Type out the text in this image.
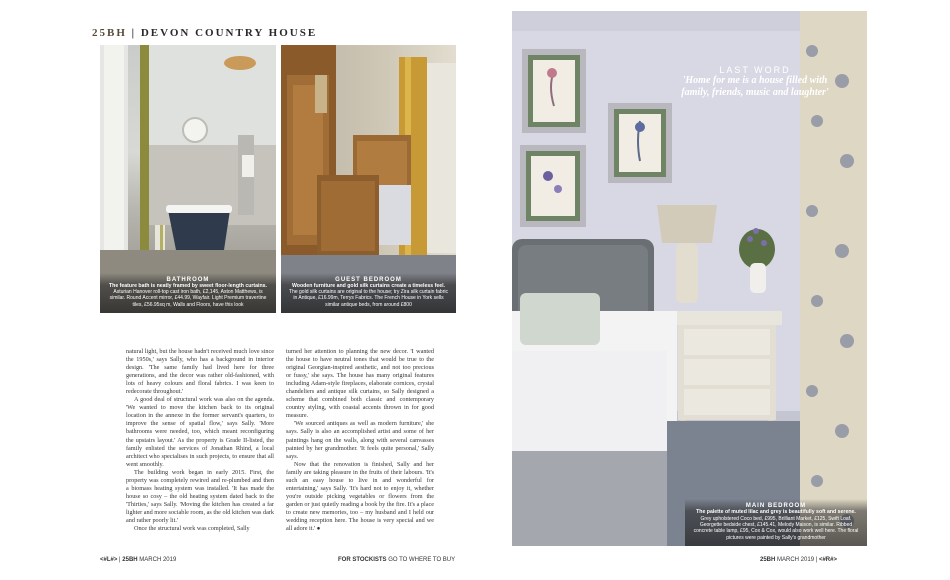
25BH | DEVON COUNTRY HOUSE
BATHROOM
The feature bath is neatly framed by sweet floor-length curtains.
Asturian Hanover roll-top cast iron bath, £2,145, Aston Matthews, is similar. Round Accent mirror, £44.99, Wayfair. Light Premium travertine tiles, £56.95sq m, Walls and Floors, have this look
GUEST BEDROOM
Wooden furniture and gold silk curtains create a timeless feel.
The gold silk curtains are original to the house; try Zira silk curtain fabric in Antique, £16.99m, Terrys Fabrics. The French House in York sells similar antique beds, from around £800

natural light, but the house hadn't received much love since the 1950s,' says Sally, who has a background in interior design. 'The same family had lived here for three generations, and the decor was rather old-fashioned, with lots of heavy colours and floral fabrics. I was keen to redecorate throughout.'

A good deal of structural work was also on the agenda. 'We wanted to move the kitchen back to its original location in the annexe in the former servant's quarters, to improve the sense of spatial flow,' says Sally. 'More bathrooms were needed, too, which meant reconfiguring the upstairs layout.' As the property is Grade II-listed, the family enlisted the services of Jonathan Rhind, a local architect who specialises in such projects, to ensure that all went smoothly.

The building work began in early 2015. First, the property was completely rewired and re-plumbed and then a biomass heating system was installed. 'It has made the house so cosy – the old heating system dated back to the 'Thirties,' says Sally. 'Moving the kitchen has created a far lighter and more sociable room, as the old kitchen was dark and rather poorly lit.'

Once the structural work was completed, Sally

turned her attention to planning the new decor. 'I wanted the house to have neutral tones that would be true to the original Georgian-inspired aesthetic, and not too precious or fussy,' she says. The house has many original features including Adam-style fireplaces, elaborate cornices, crystal chandeliers and antique silk curtains, so Sally designed a scheme that combined both classic and contemporary country styling, with coastal accents thrown in for good measure.

'We sourced antiques as well as modern furniture,' she says. Sally is also an accomplished artist and some of her paintings hang on the walls, along with several canvasses painted by her grandmother. 'It feels quite personal,' Sally says.

Now that the renovation is finished, Sally and her family are taking pleasure in the fruits of their labours. 'It's such an easy house to live in and wonderful for entertaining,' says Sally. 'It's hard not to enjoy it, whether you're outside picking vegetables or flowers from the garden or just quietly reading a book by the fire. It's a place to create new memories, too – my husband and I held our wedding reception here. The house is very special and we all adore it.' ●

LAST WORD
'Home for me is a house filled with family, friends, music and laughter'
MAIN BEDROOM
The palette of muted lilac and grey is beautifully soft and serene.
Grey upholstered Coco bed, £995, Brilliant Market, £125, Swift Loaf. Georgette bedside chest, £145.41, Melody Maison, is similar. Ribbed concrete table lamp, £95, Cox & Cox, would also work well here. The floral pictures were painted by Sally's grandmother
<#L#> | 25BH MARCH 2019	FOR STOCKISTS GO TO WHERE TO BUY	25BH MARCH 2019 | <#R#>
